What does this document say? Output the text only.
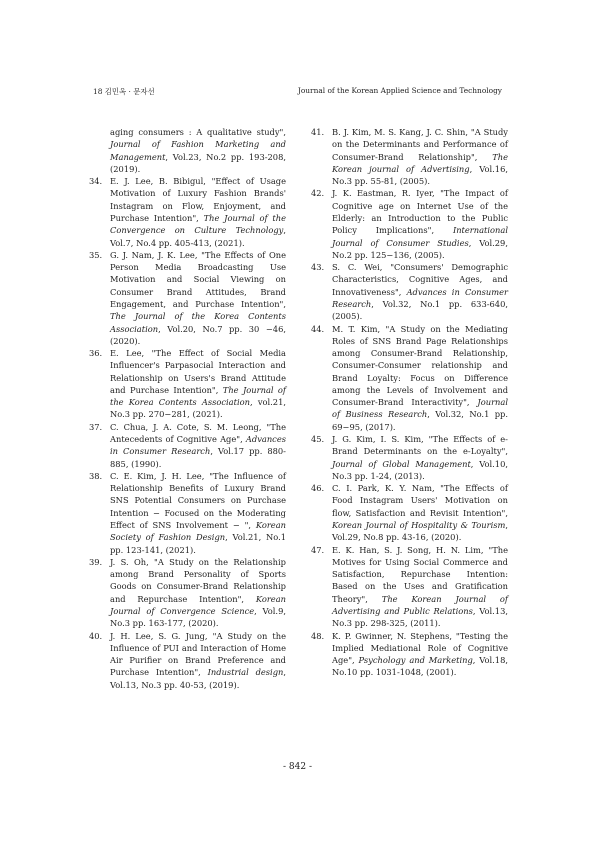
18 김민옥 · 문자선	Journal of the Korean Applied Science and Technology
aging consumers : A qualitative study", Journal of Fashion Marketing and Management, Vol.23, No.2 pp. 193-208, (2019).
34. E. J. Lee, B. Bibigul, "Effect of Usage Motivation of Luxury Fashion Brands' Instagram on Flow, Enjoyment, and Purchase Intention", The Journal of the Convergence on Culture Technology, Vol.7, No.4 pp. 405-413, (2021).
35. G. J. Nam, J. K. Lee, "The Effects of One Person Media Broadcasting Use Motivation and Social Viewing on Consumer Brand Attitudes, Brand Engagement, and Purchase Intention", The Journal of the Korea Contents Association, Vol.20, No.7 pp. 30 −46, (2020).
36. E. Lee, "The Effect of Social Media Influencer's Parpasocial Interaction and Relationship on Users's Brand Attitude and Purchase Intention", The Journal of the Korea Contents Association, vol.21, No.3 pp. 270−281, (2021).
37. C. Chua, J. A. Cote, S. M. Leong, "The Antecedents of Cognitive Age", Advances in Consumer Research, Vol.17 pp. 880-885, (1990).
38. C. E. Kim, J. H. Lee, "The Influence of Relationship Benefits of Luxury Brand SNS Potential Consumers on Purchase Intention − Focused on the Moderating Effect of SNS Involvement − ", Korean Society of Fashion Design, Vol.21, No.1 pp. 123-141, (2021).
39. J. S. Oh, "A Study on the Relationship among Brand Personality of Sports Goods on Consumer-Brand Relationship and Repurchase Intention", Korean Journal of Convergence Science, Vol.9, No.3 pp. 163-177, (2020).
40. J. H. Lee, S. G. Jung, "A Study on the Influence of PUI and Interaction of Home Air Purifier on Brand Preference and Purchase Intention", Industrial design, Vol.13, No.3 pp. 40-53, (2019).
41. B. J. Kim, M. S. Kang, J. C. Shin, "A Study on the Determinants and Performance of Consumer-Brand Relationship", The Korean journal of Advertising, Vol.16, No.3 pp. 55-81, (2005).
42. J. K. Eastman, R. Iyer, "The Impact of Cognitive age on Internet Use of the Elderly: an Introduction to the Public Policy Implications", International Journal of Consumer Studies, Vol.29, No.2 pp. 125−136, (2005).
43. S. C. Wei, "Consumers' Demographic Characteristics, Cognitive Ages, and Innovativeness", Advances in Consumer Research, Vol.32, No.1 pp. 633-640, (2005).
44. M. T. Kim, "A Study on the Mediating Roles of SNS Brand Page Relationships among Consumer-Brand Relationship, Consumer-Consumer relationship and Brand Loyalty: Focus on Difference among the Levels of Involvement and Consumer-Brand Interactivity", Journal of Business Research, Vol.32, No.1 pp. 69−95, (2017).
45. J. G. Kim, I. S. Kim, "The Effects of e-Brand Determinants on the e-Loyalty", Journal of Global Management, Vol.10, No.3 pp. 1-24, (2013).
46. C. I. Park, K. Y. Nam, "The Effects of Food Instagram Users' Motivation on flow, Satisfaction and Revisit Intention", Korean Journal of Hospitality & Tourism, Vol.29, No.8 pp. 43-16, (2020).
47. E. K. Han, S. J. Song, H. N. Lim, "The Motives for Using Social Commerce and Satisfaction, Repurchase Intention: Based on the Uses and Gratification Theory", The Korean Journal of Advertising and Public Relations, Vol.13, No.3 pp. 298-325, (2011).
48. K. P. Gwinner, N. Stephens, "Testing the Implied Mediational Role of Cognitive Age", Psychology and Marketing, Vol.18, No.10 pp. 1031-1048, (2001).
- 842 -
